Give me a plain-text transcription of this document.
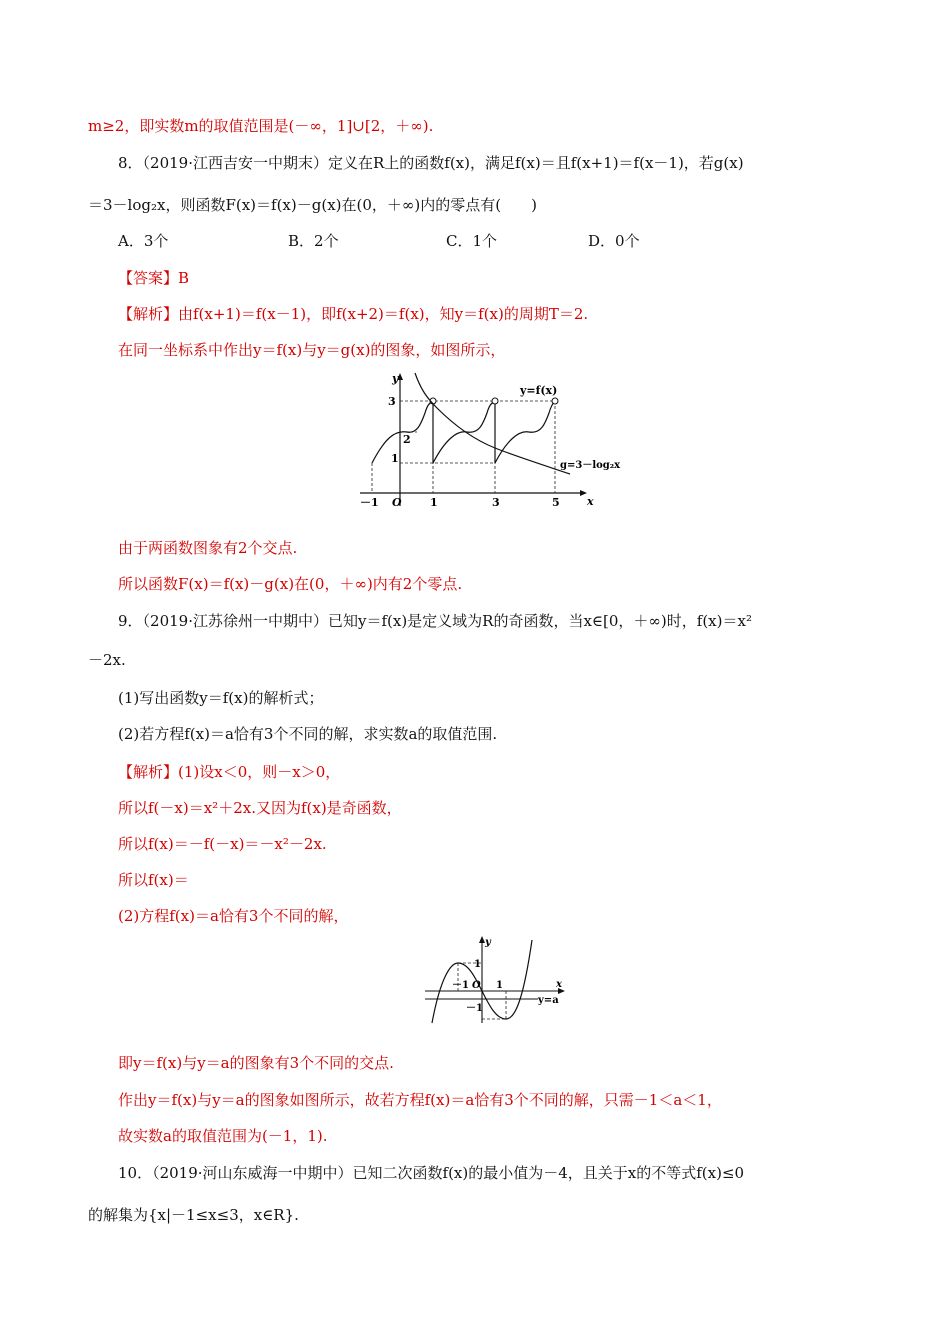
m≥2，即实数m的取值范围是(－∞，1]∪[2，＋∞).
8．（2019·江西吉安一中期末）定义在R上的函数f(x)，满足f(x)＝且f(x+1)＝f(x－1)，若g(x)
＝3－log₂x，则函数F(x)＝f(x)－g(x)在(0，＋∞)内的零点有(　　)
A．3个	B．2个	C．1个	D．0个
【答案】B
【解析】由f(x+1)＝f(x－1)，即f(x+2)＝f(x)，知y＝f(x)的周期T＝2.
在同一坐标系中作出y＝f(x)与y＝g(x)的图象，如图所示，
y
x
y=f(x)
g=3－log₂x
3
2
1
－1 O	1	3	5
由于两函数图象有2个交点.
所以函数F(x)＝f(x)－g(x)在(0，＋∞)内有2个零点.
9．（2019·江苏徐州一中期中）已知y＝f(x)是定义域为R的奇函数，当x∈[0，＋∞)时，f(x)＝x²
－2x.
(1)写出函数y＝f(x)的解析式；
(2)若方程f(x)＝a恰有3个不同的解，求实数a的取值范围.
【解析】(1)设x＜0，则－x＞0，
所以f(－x)＝x²＋2x.又因为f(x)是奇函数，
所以f(x)＝－f(－x)＝－x²－2x.
所以f(x)＝
(2)方程f(x)＝a恰有3个不同的解，
y
x
y=a
1
－1 O 1
－1
即y＝f(x)与y＝a的图象有3个不同的交点.
作出y＝f(x)与y＝a的图象如图所示，故若方程f(x)＝a恰有3个不同的解，只需－1＜a＜1，
故实数a的取值范围为(－1，1).
10．（2019·河山东威海一中期中）已知二次函数f(x)的最小值为－4，且关于x的不等式f(x)≤0
的解集为{x|－1≤x≤3，x∈R}.
